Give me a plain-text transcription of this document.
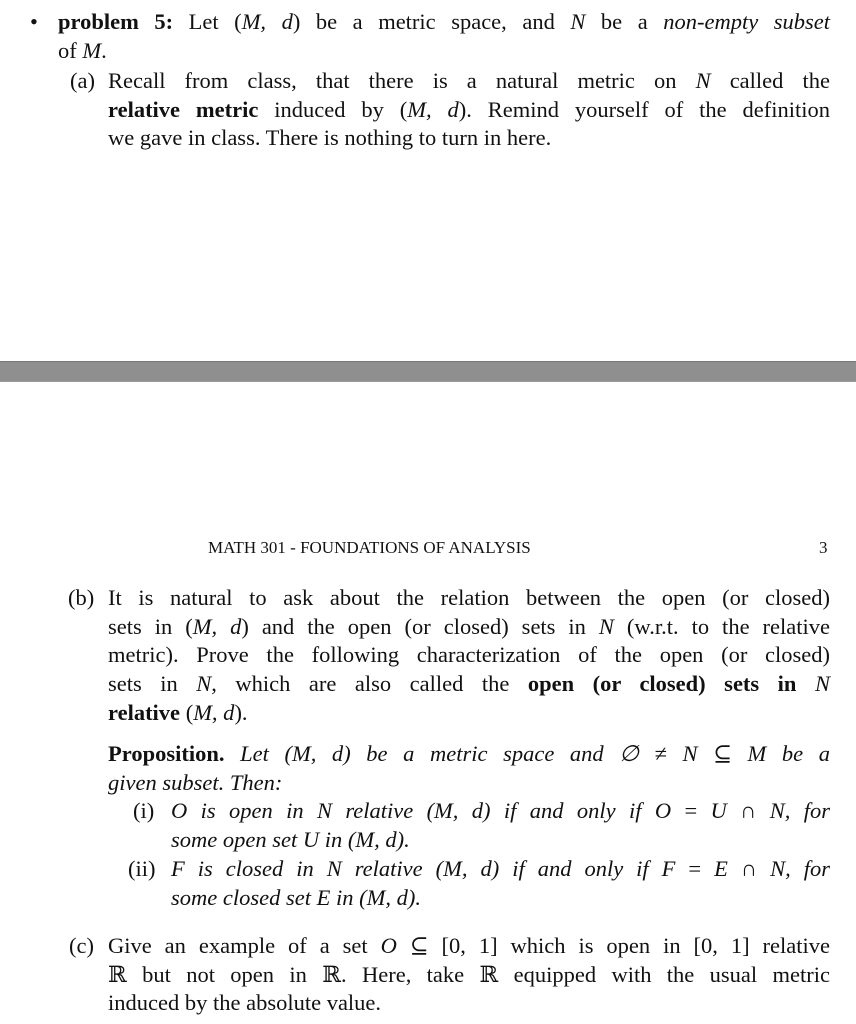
• problem 5: Let (M, d) be a metric space, and N be a non-empty subset
of M.
(a) Recall from class, that there is a natural metric on N called the
relative metric induced by (M, d). Remind yourself of the definition
we gave in class. There is nothing to turn in here.
MATH 301 - FOUNDATIONS OF ANALYSIS	3
(b) It is natural to ask about the relation between the open (or closed)
sets in (M, d) and the open (or closed) sets in N (w.r.t. to the relative
metric). Prove the following characterization of the open (or closed)
sets in N, which are also called the open (or closed) sets in N
relative (M, d).
Proposition. Let (M, d) be a metric space and ∅ ≠ N ⊆ M be a
given subset. Then:
(i) O is open in N relative (M, d) if and only if O = U ∩ N, for
some open set U in (M, d).
(ii) F is closed in N relative (M, d) if and only if F = E ∩ N, for
some closed set E in (M, d).
(c) Give an example of a set O ⊆ [0, 1] which is open in [0, 1] relative
ℝ but not open in ℝ. Here, take ℝ equipped with the usual metric
induced by the absolute value.
